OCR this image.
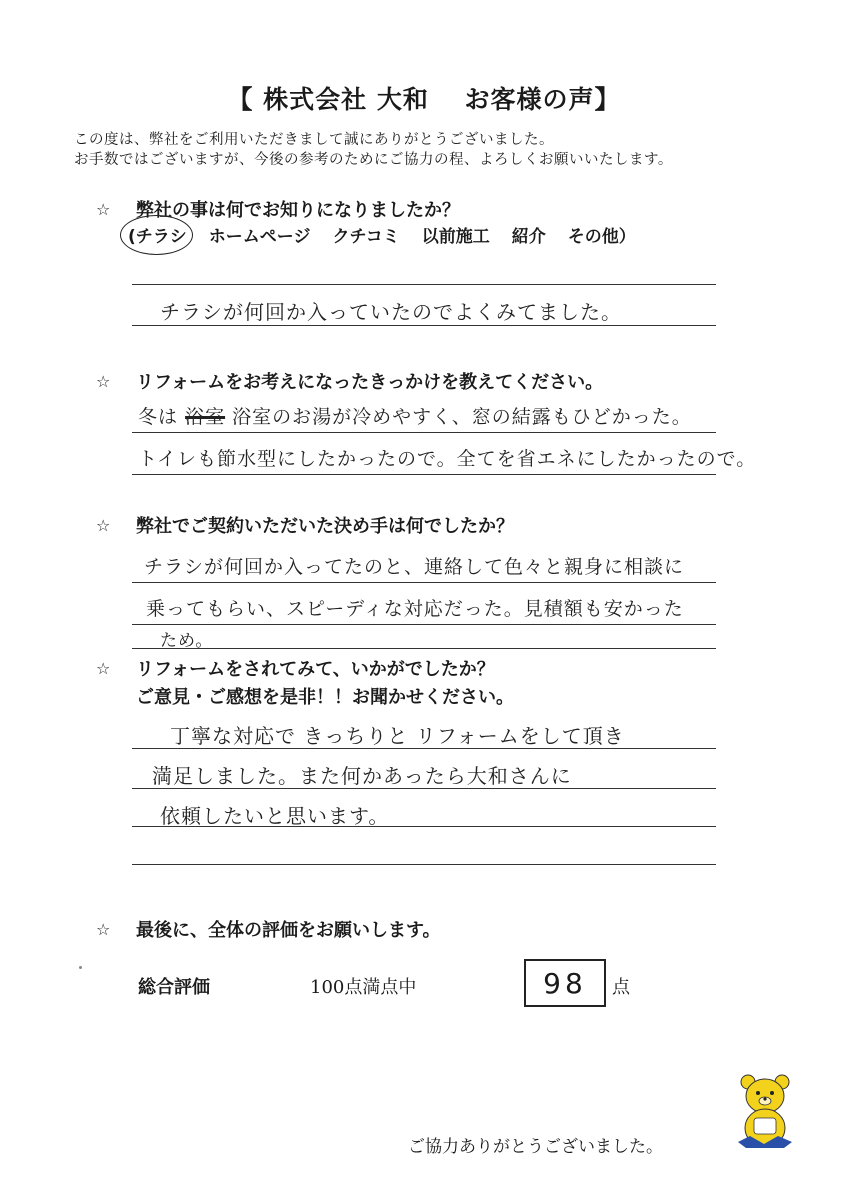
【 株式会社 大和　 お客様の声】
この度は、弊社をご利用いただきまして誠にありがとうございました。
お手数ではございますが、今後の参考のためにご協力の程、よろしくお願いいたします。
☆	弊社の事は何でお知りになりましたか？
(チラシ ホームページ クチコミ 以前施工 紹介 その他）
チラシが何回か入っていたのでよくみてました。
☆	リフォームをお考えになったきっかけを教えてください。
冬は 浴室 浴室のお湯が冷めやすく、窓の結露もひどかった。
トイレも節水型にしたかったので。全てを省エネにしたかったので。
☆	弊社でご契約いただいた決め手は何でしたか？
チラシが何回か入ってたのと、連絡して色々と親身に相談に
乗ってもらい、スピーディな対応だった。見積額も安かった
ため。
☆	リフォームをされてみて、いかがでしたか？
ご意見・ご感想を是非！！お聞かせください。
丁寧な対応で きっちりと リフォームをして頂き
満足しました。また何かあったら大和さんに
依頼したいと思います。
☆	最後に、全体の評価をお願いします。
総合評価	100点満点中	98	点
ご協力ありがとうございました。
